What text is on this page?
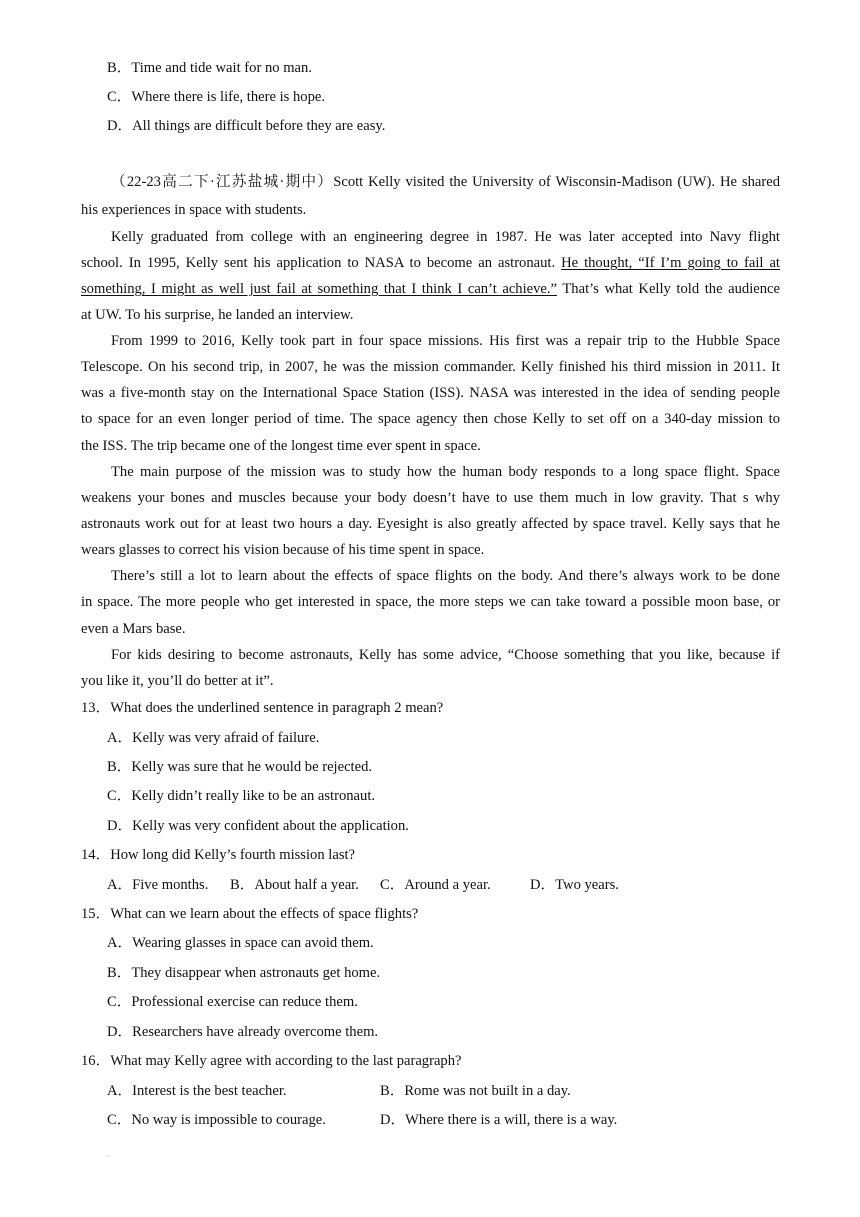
B．Time and tide wait for no man.
C．Where there is life, there is hope.
D．All things are difficult before they are easy.
（22-23高二下·江苏盐城·期中）Scott Kelly visited the University of Wisconsin-Madison (UW). He shared
his experiences in space with students.
Kelly graduated from college with an engineering degree in 1987. He was later accepted into Navy flight
school. In 1995, Kelly sent his application to NASA to become an astronaut. He thought, “If I’m going to fail at
something, I might as well just fail at something that I think I can’t achieve.” That’s what Kelly told the audience
at UW. To his surprise, he landed an interview.
From 1999 to 2016, Kelly took part in four space missions. His first was a repair trip to the Hubble Space
Telescope. On his second trip, in 2007, he was the mission commander. Kelly finished his third mission in 2011. It
was a five-month stay on the International Space Station (ISS). NASA was interested in the idea of sending people
to space for an even longer period of time. The space agency then chose Kelly to set off on a 340-day mission to
the ISS. The trip became one of the longest time ever spent in space.
The main purpose of the mission was to study how the human body responds to a long space flight. Space
weakens your bones and muscles because your body doesn’t have to use them much in low gravity. That s why
astronauts work out for at least two hours a day. Eyesight is also greatly affected by space travel. Kelly says that he
wears glasses to correct his vision because of his time spent in space.
There’s still a lot to learn about the effects of space flights on the body. And there’s always work to be done
in space. The more people who get interested in space, the more steps we can take toward a possible moon base, or
even a Mars base.
For kids desiring to become astronauts, Kelly has some advice, “Choose something that you like, because if
you like it, you’ll do better at it”.
13．What does the underlined sentence in paragraph 2 mean?
A．Kelly was very afraid of failure.
B．Kelly was sure that he would be rejected.
C．Kelly didn’t really like to be an astronaut.
D．Kelly was very confident about the application.
14．How long did Kelly’s fourth mission last?
A．Five months. B．About half a year. C．Around a year.	D．Two years.
15．What can we learn about the effects of space flights?
A．Wearing glasses in space can avoid them.
B．They disappear when astronauts get home.
C．Professional exercise can reduce them.
D．Researchers have already overcome them.
16．What may Kelly agree with according to the last paragraph?
A．Interest is the best teacher.	B．Rome was not built in a day.
C．No way is impossible to courage.	D．Where there is a will, there is a way.
.
